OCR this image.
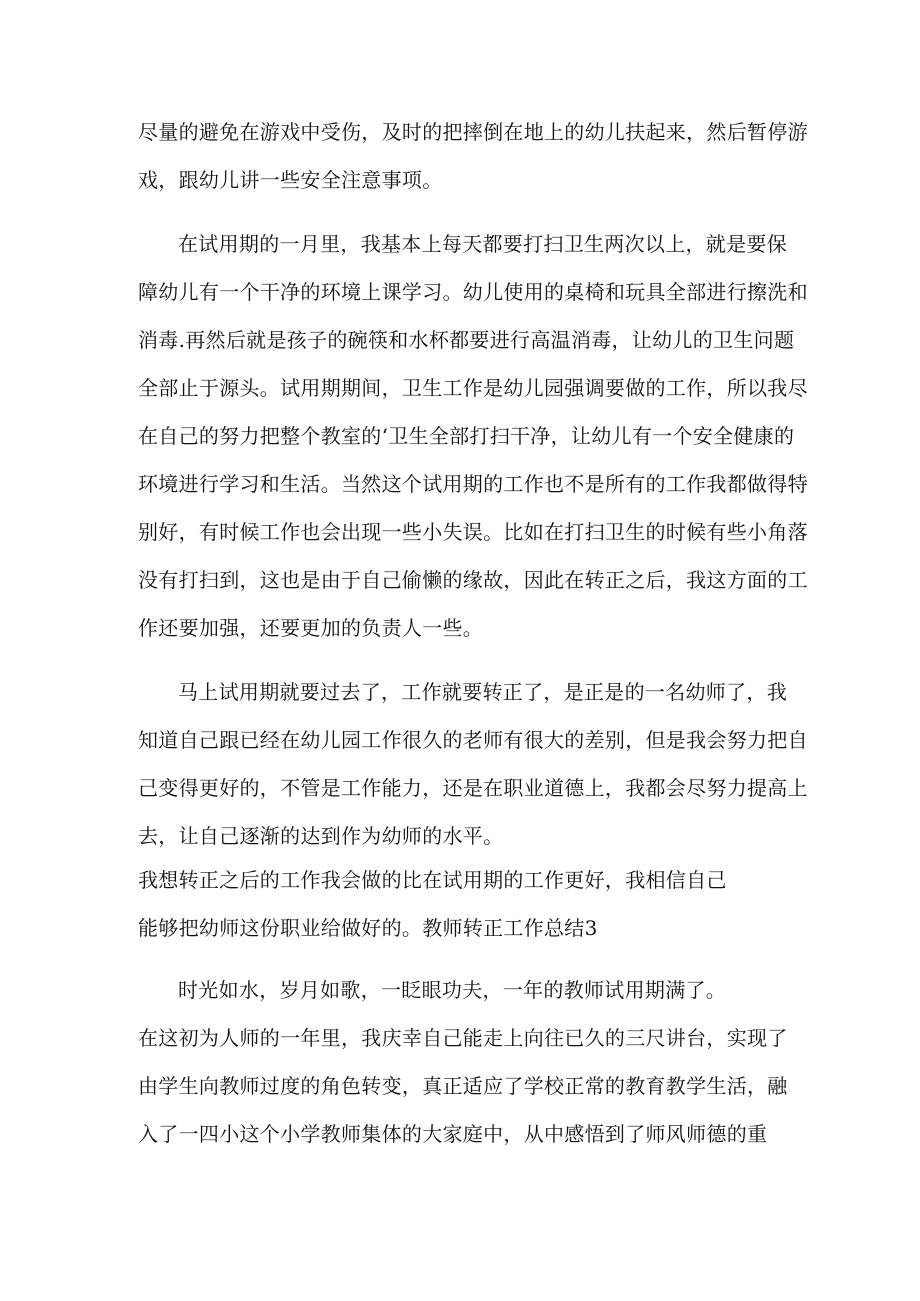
尽量的避免在游戏中受伤，及时的把摔倒在地上的幼儿扶起来，然后暂停游
戏，跟幼儿讲一些安全注意事项。
在试用期的一月里，我基本上每天都要打扫卫生两次以上，就是要保
障幼儿有一个干净的环境上课学习。幼儿使用的桌椅和玩具全部进行擦洗和
消毒.再然后就是孩子的碗筷和水杯都要进行高温消毒，让幼儿的卫生问题
全部止于源头。试用期期间，卫生工作是幼儿园强调要做的工作，所以我尽
在自己的努力把整个教室的‘卫生全部打扫干净，让幼儿有一个安全健康的
环境进行学习和生活。当然这个试用期的工作也不是所有的工作我都做得特
别好，有时候工作也会出现一些小失误。比如在打扫卫生的时候有些小角落
没有打扫到，这也是由于自己偷懒的缘故，因此在转正之后，我这方面的工
作还要加强，还要更加的负责人一些。
马上试用期就要过去了，工作就要转正了，是正是的一名幼师了，我
知道自己跟已经在幼儿园工作很久的老师有很大的差别，但是我会努力把自
己变得更好的，不管是工作能力，还是在职业道德上，我都会尽努力提高上
去，让自己逐渐的达到作为幼师的水平。
我想转正之后的工作我会做的比在试用期的工作更好，我相信自己
能够把幼师这份职业给做好的。教师转正工作总结3
时光如水，岁月如歌，一眨眼功夫，一年的教师试用期满了。
在这初为人师的一年里，我庆幸自己能走上向往已久的三尺讲台，实现了
由学生向教师过度的角色转变，真正适应了学校正常的教育教学生活，融
入了一四小这个小学教师集体的大家庭中，从中感悟到了师风师德的重
